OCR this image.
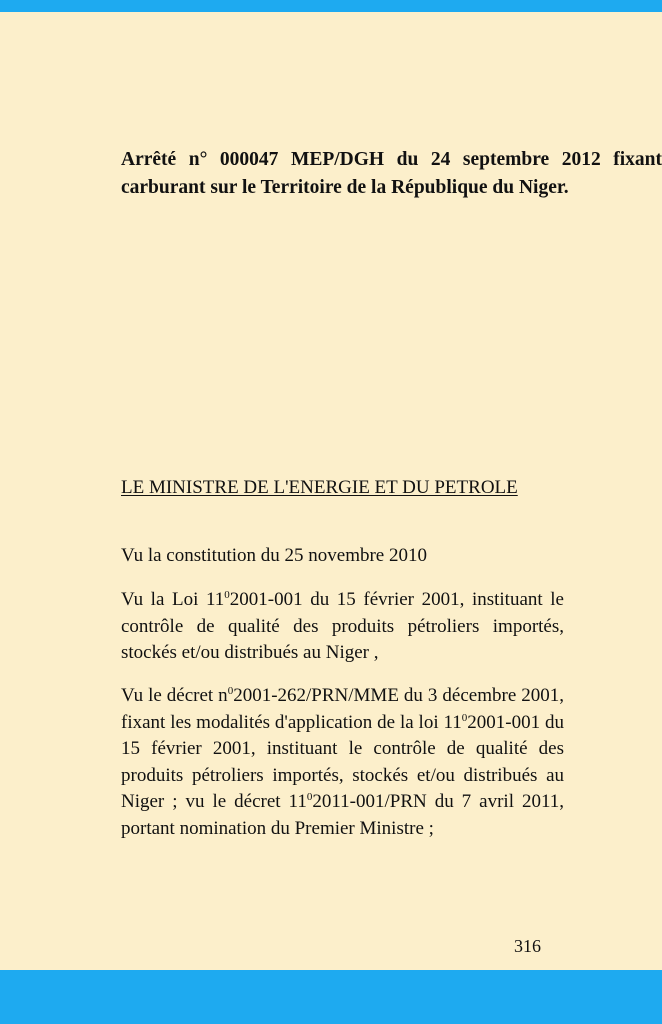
Arrêté n° 000047 MEP/DGH du 24 septembre 2012 fixant
carburant sur le Territoire de la République du Niger.

LE MINISTRE DE L'ENERGIE ET DU PETROLE

Vu la constitution du 25 novembre 2010

Vu la Loi $11^02001-001$ du 15 février 2001, instituant le contrôle de qualité des produits pétroliers importés, stockés et/ou distribués au Niger ,

Vu le décret $n^02001-262/PRN$/MME du 3 décembre 2001, fixant les modalités d'application de la loi $11^02001-001$ du 15 février 2001, instituant le contrôle de qualité des produits pétroliers importés, stockés et/ou distribués au Niger ; vu le décret $11^02011-001$/PRN du 7 avril 2011, portant nomination du Premier Ministre ;

316
